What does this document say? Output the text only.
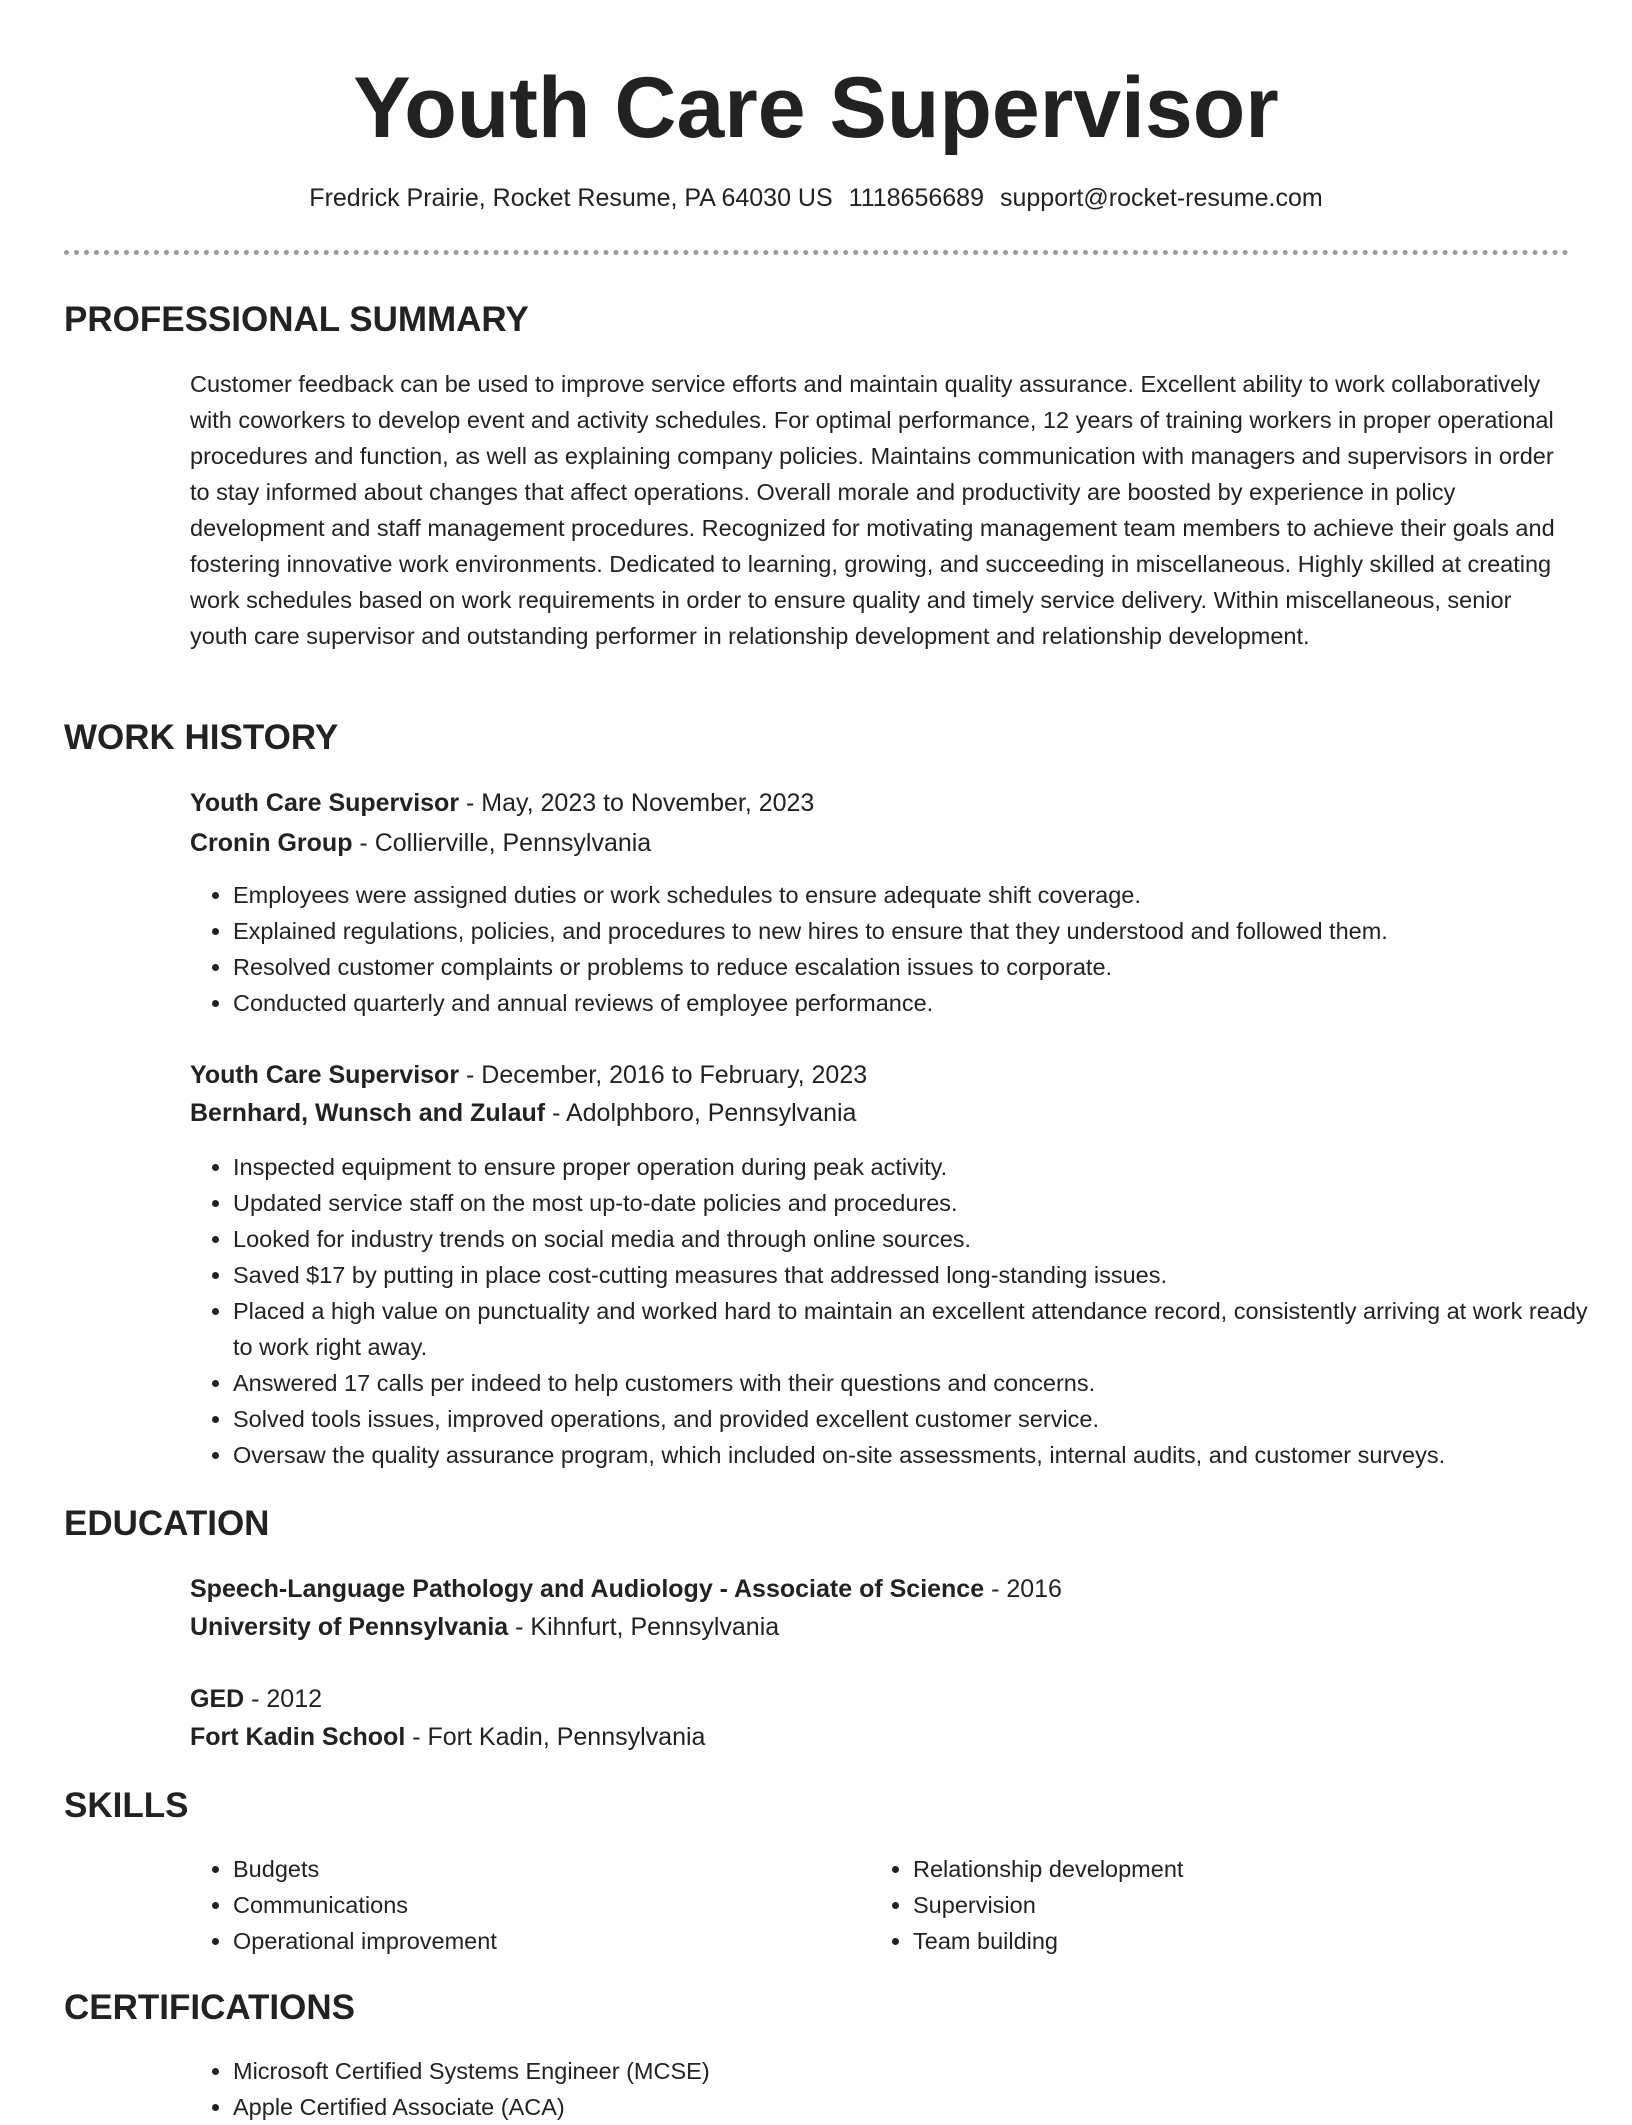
Youth Care Supervisor
Fredrick Prairie, Rocket Resume, PA 64030 US 1118656689 support@rocket-resume.com
PROFESSIONAL SUMMARY

Customer feedback can be used to improve service efforts and maintain quality assurance. Excellent ability to work collaboratively with coworkers to develop event and activity schedules. For optimal performance, 12 years of training workers in proper operational procedures and function, as well as explaining company policies. Maintains communication with managers and supervisors in order to stay informed about changes that affect operations. Overall morale and productivity are boosted by experience in policy development and staff management procedures. Recognized for motivating management team members to achieve their goals and fostering innovative work environments. Dedicated to learning, growing, and succeeding in miscellaneous. Highly skilled at creating work schedules based on work requirements in order to ensure quality and timely service delivery. Within miscellaneous, senior youth care supervisor and outstanding performer in relationship development and relationship development.

WORK HISTORY
Youth Care Supervisor - May, 2023 to November, 2023
Cronin Group - Collierville, Pennsylvania
• Employees were assigned duties or work schedules to ensure adequate shift coverage.
• Explained regulations, policies, and procedures to new hires to ensure that they understood and followed them.
• Resolved customer complaints or problems to reduce escalation issues to corporate.
• Conducted quarterly and annual reviews of employee performance.
Youth Care Supervisor - December, 2016 to February, 2023
Bernhard, Wunsch and Zulauf - Adolphboro, Pennsylvania
• Inspected equipment to ensure proper operation during peak activity.
• Updated service staff on the most up-to-date policies and procedures.
• Looked for industry trends on social media and through online sources.
• Saved $17 by putting in place cost-cutting measures that addressed long-standing issues.
• Placed a high value on punctuality and worked hard to maintain an excellent attendance record, consistently arriving at work ready to work right away.
• Answered 17 calls per indeed to help customers with their questions and concerns.
• Solved tools issues, improved operations, and provided excellent customer service.
• Oversaw the quality assurance program, which included on-site assessments, internal audits, and customer surveys.
EDUCATION
Speech-Language Pathology and Audiology - Associate of Science - 2016
University of Pennsylvania - Kihnfurt, Pennsylvania
GED - 2012
Fort Kadin School - Fort Kadin, Pennsylvania
SKILLS
• Budgets
• Communications
• Operational improvement
• Relationship development
• Supervision
• Team building
CERTIFICATIONS
• Microsoft Certified Systems Engineer (MCSE)
• Apple Certified Associate (ACA)
